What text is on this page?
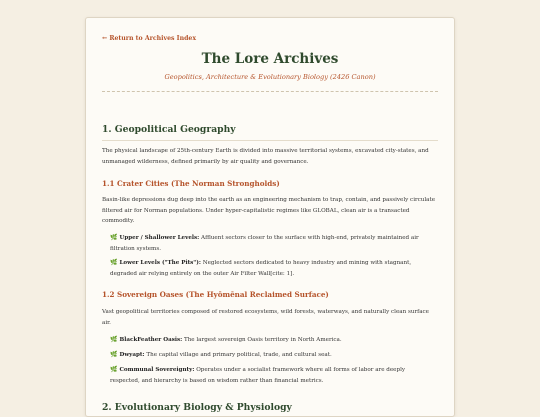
← Return to Archives Index
The Lore Archives
Geopolitics, Architecture & Evolutionary Biology (2426 Canon)
1. Geopolitical Geography
The physical landscape of 25th-century Earth is divided into massive territorial systems, excavated city-states, and unmanaged wilderness, defined primarily by air quality and governance.
1.1 Crater Cities (The Norman Strongholds)
Basin-like depressions dug deep into the earth as an engineering mechanism to trap, contain, and passively circulate filtered air for Norman populations. Under hyper-capitalistic regimes like GLOBAL, clean air is a transacted commodity.
🌿 Upper / Shallower Levels: Affluent sectors closer to the surface with high-end, privately maintained air filtration systems.
🌿 Lower Levels ("The Pits"): Neglected sectors dedicated to heavy industry and mining with stagnant, degraded air relying entirely on the outer Air Filter Wall[cite: 1].
1.2 Sovereign Oases (The Hyōmēnal Reclaimed Surface)
Vast geopolitical territories composed of restored ecosystems, wild forests, waterways, and naturally clean surface air.
🌿 BlackFeather Oasis: The largest sovereign Oasis territory in North America.
🌿 Dwyapt: The capital village and primary political, trade, and cultural seat.
🌿 Communal Sovereignty: Operates under a socialist framework where all forms of labor are deeply respected, and hierarchy is based on wisdom rather than financial metrics.
2. Evolutionary Biology & Physiology
